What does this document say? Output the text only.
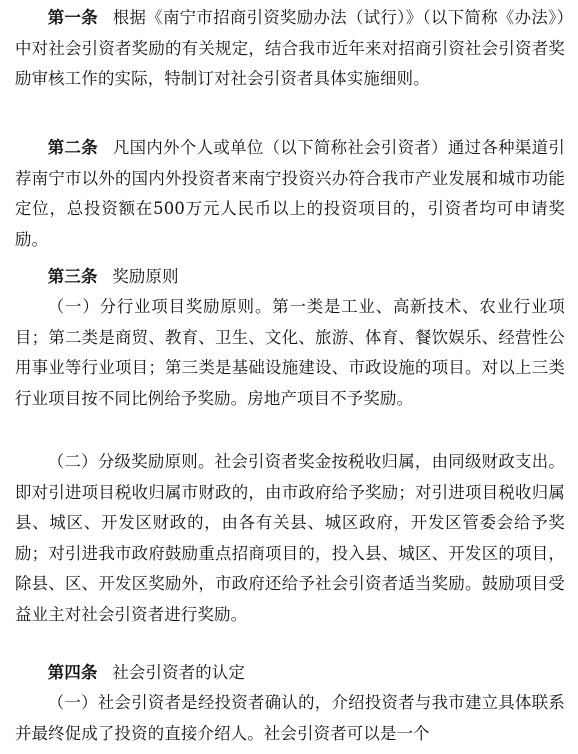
第一条 根据《南宁市招商引资奖励办法（试行）》（以下简称《办法》）中对社会引资者奖励的有关规定，结合我市近年来对招商引资社会引资者奖励审核工作的实际，特制订对社会引资者具体实施细则。

第二条 凡国内外个人或单位（以下简称社会引资者）通过各种渠道引荐南宁市以外的国内外投资者来南宁投资兴办符合我市产业发展和城市功能定位，总投资额在500万元人民币以上的投资项目的，引资者均可申请奖励。

第三条 奖励原则

（一）分行业项目奖励原则。第一类是工业、高新技术、农业行业项目；第二类是商贸、教育、卫生、文化、旅游、体育、餐饮娱乐、经营性公用事业等行业项目；第三类是基础设施建设、市政设施的项目。对以上三类行业项目按不同比例给予奖励。房地产项目不予奖励。

（二）分级奖励原则。社会引资者奖金按税收归属，由同级财政支出。即对引进项目税收归属市财政的，由市政府给予奖励；对引进项目税收归属县、城区、开发区财政的，由各有关县、城区政府，开发区管委会给予奖励；对引进我市政府鼓励重点招商项目的，投入县、城区、开发区的项目，除县、区、开发区奖励外，市政府还给予社会引资者适当奖励。鼓励项目受益业主对社会引资者进行奖励。

第四条 社会引资者的认定

（一）社会引资者是经投资者确认的，介绍投资者与我市建立具体联系并最终促成了投资的直接介绍人。社会引资者可以是一个
